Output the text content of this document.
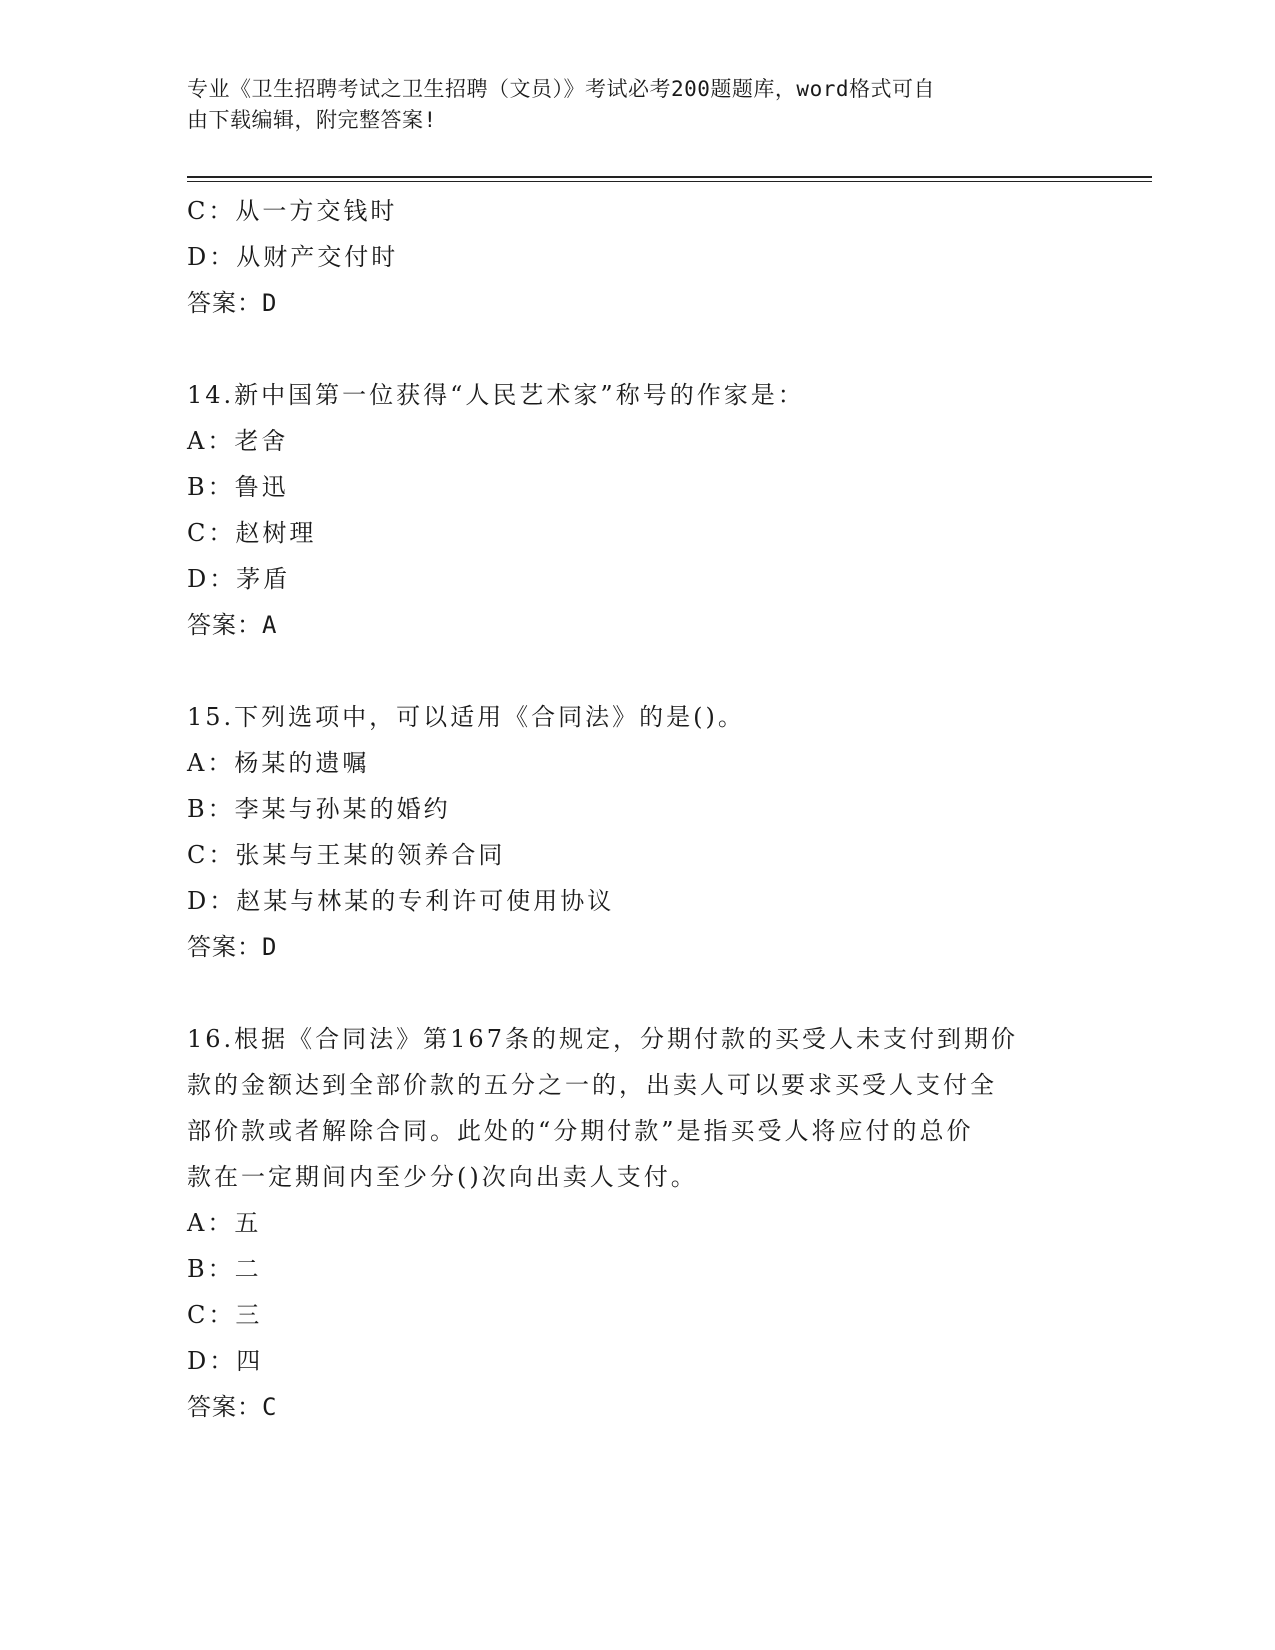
专业《卫生招聘考试之卫生招聘（文员）》考试必考200题题库，word格式可自
由下载编辑，附完整答案!
C：从一方交钱时
D：从财产交付时
答案：D
14.新中国第一位获得“人民艺术家”称号的作家是：
A：老舍
B：鲁迅
C：赵树理
D：茅盾
答案：A
15.下列选项中，可以适用《合同法》的是()。
A：杨某的遗嘱
B：李某与孙某的婚约
C：张某与王某的领养合同
D：赵某与林某的专利许可使用协议
答案：D
16.根据《合同法》第167条的规定，分期付款的买受人未支付到期价
款的金额达到全部价款的五分之一的，出卖人可以要求买受人支付全
部价款或者解除合同。此处的“分期付款”是指买受人将应付的总价
款在一定期间内至少分()次向出卖人支付。
A：五
B：二
C：三
D：四
答案：C
